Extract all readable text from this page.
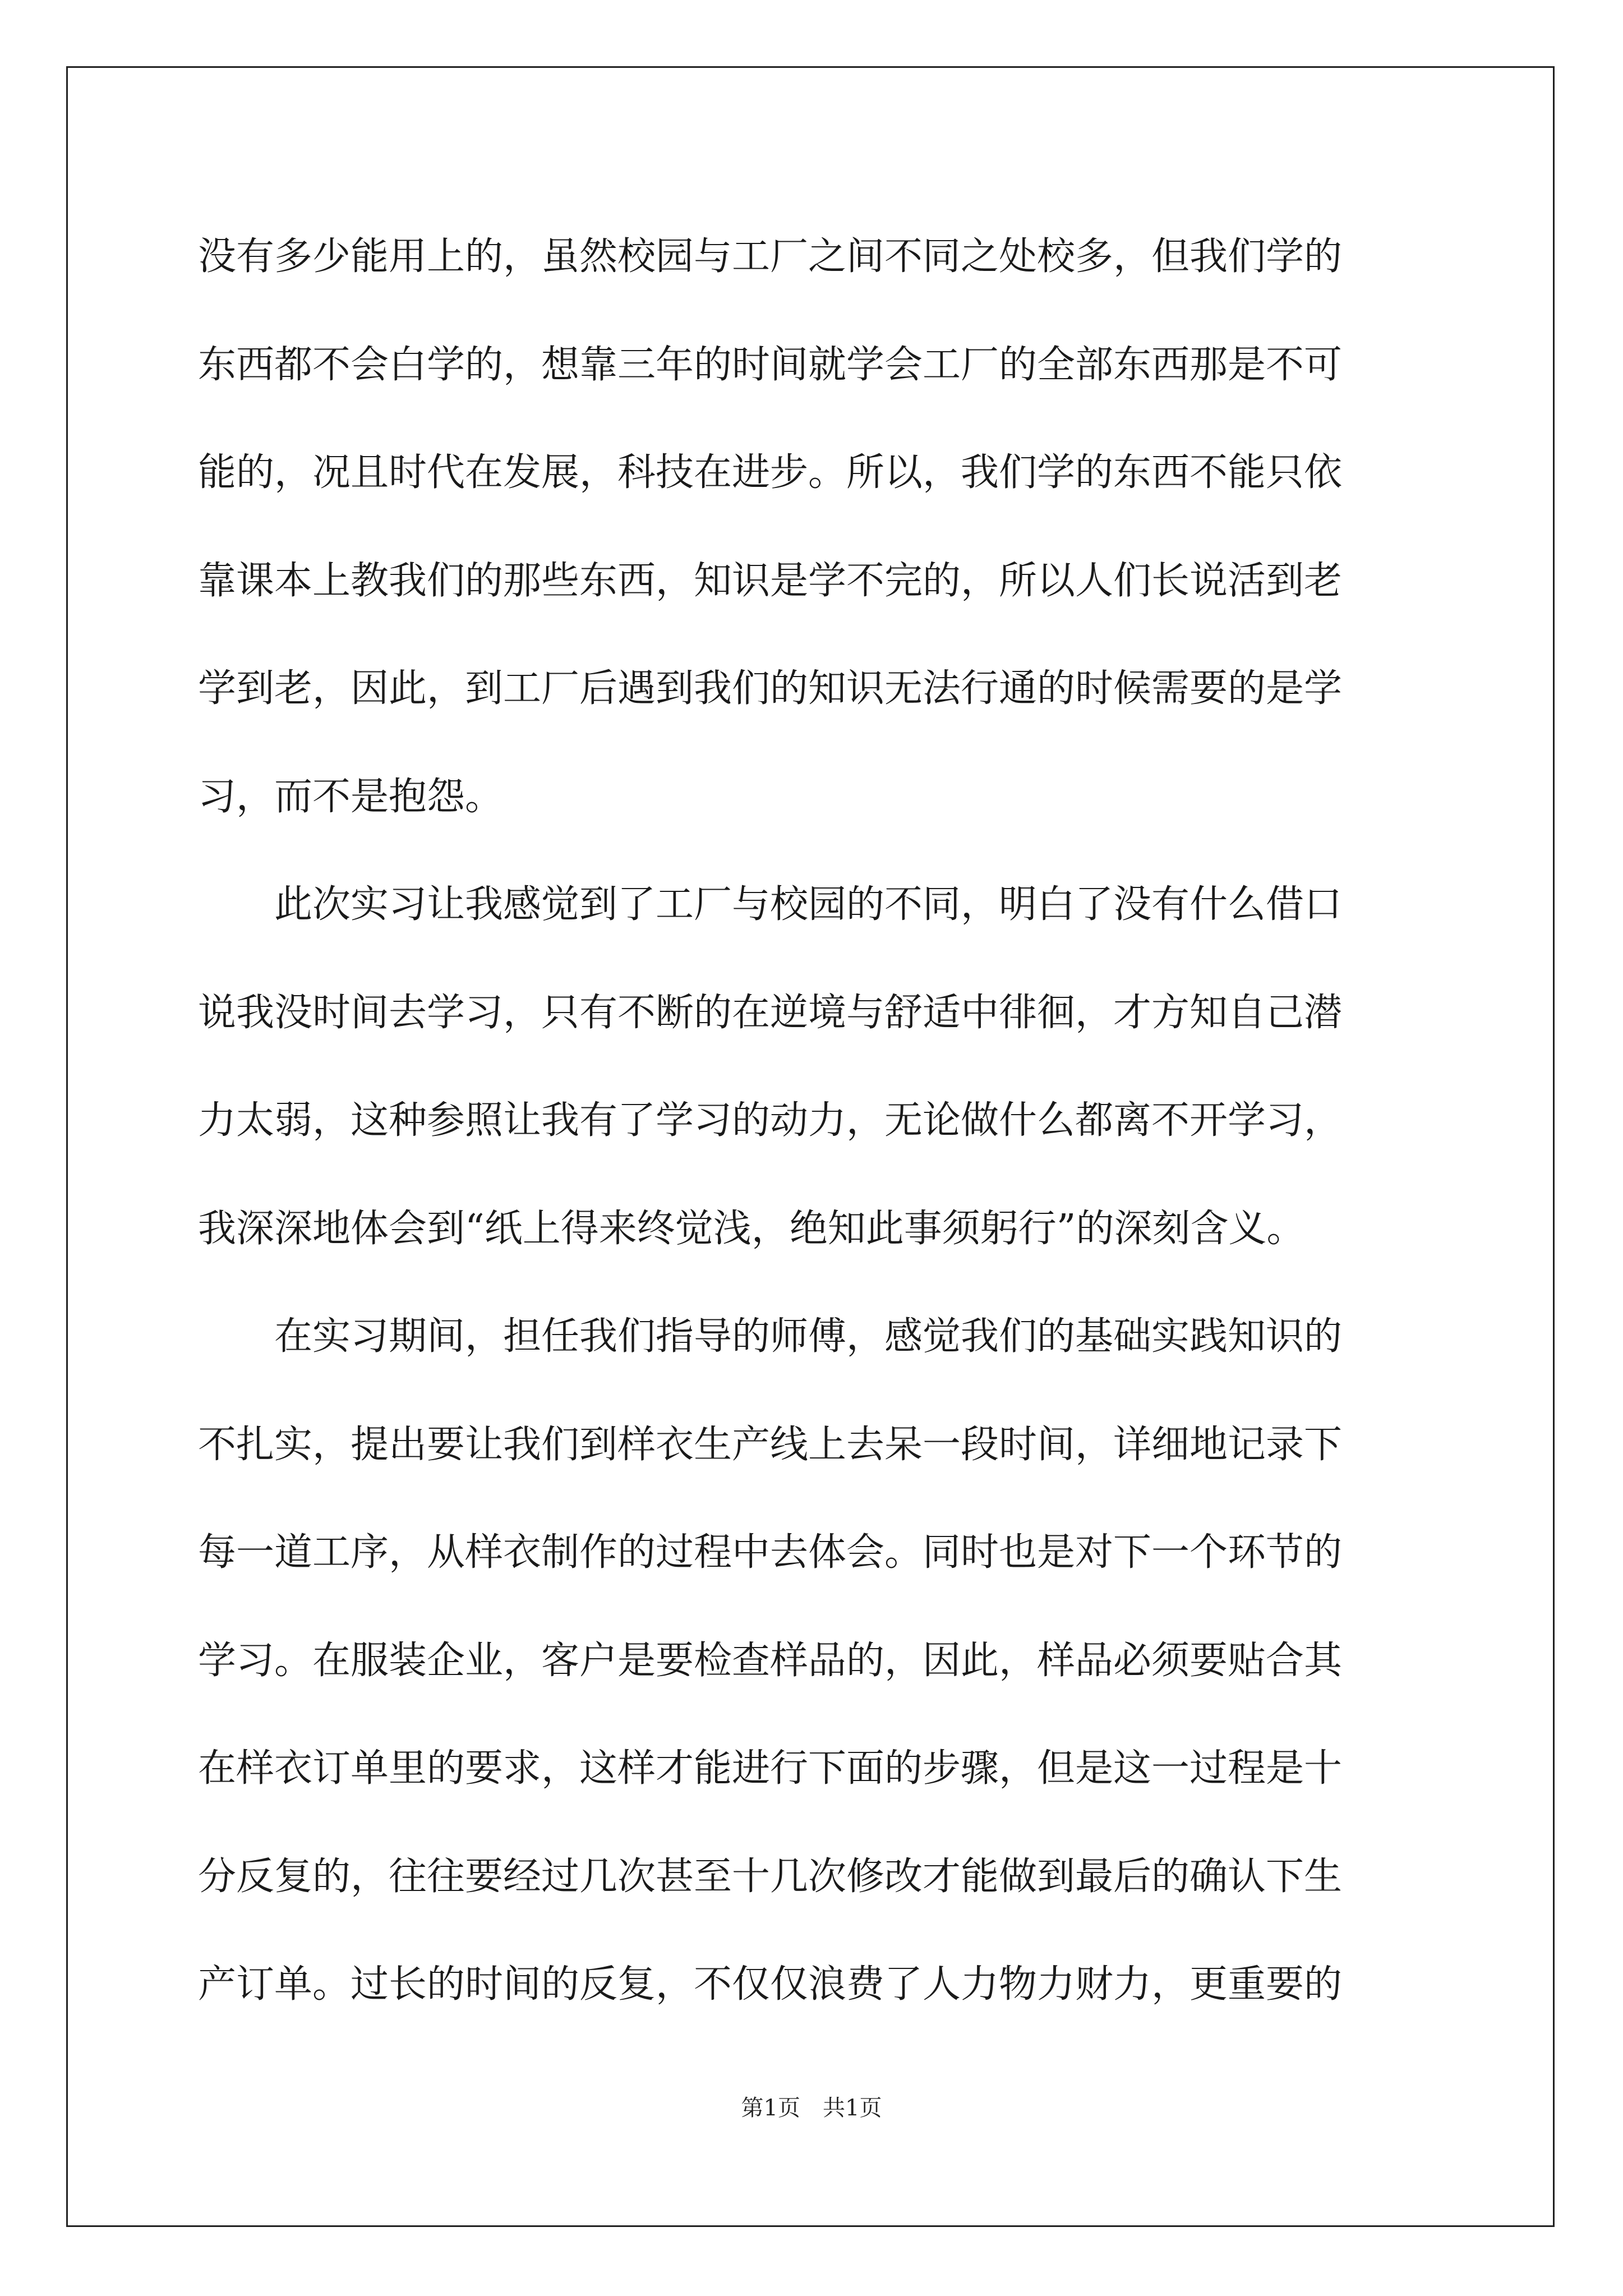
没有多少能用上的，虽然校园与工厂之间不同之处校多，但我们学的
东西都不会白学的，想靠三年的时间就学会工厂的全部东西那是不可
能的，况且时代在发展，科技在进步。所以，我们学的东西不能只依
靠课本上教我们的那些东西，知识是学不完的，所以人们长说活到老
学到老，因此，到工厂后遇到我们的知识无法行通的时候需要的是学
习，而不是抱怨。
　　此次实习让我感觉到了工厂与校园的不同，明白了没有什么借口
说我没时间去学习，只有不断的在逆境与舒适中徘徊，才方知自己潜
力太弱，这种参照让我有了学习的动力，无论做什么都离不开学习，
我深深地体会到“纸上得来终觉浅，绝知此事须躬行”的深刻含义。
　　在实习期间，担任我们指导的师傅，感觉我们的基础实践知识的
不扎实，提出要让我们到样衣生产线上去呆一段时间，详细地记录下
每一道工序，从样衣制作的过程中去体会。同时也是对下一个环节的
学习。在服装企业，客户是要检查样品的，因此，样品必须要贴合其
在样衣订单里的要求，这样才能进行下面的步骤，但是这一过程是十
分反复的，往往要经过几次甚至十几次修改才能做到最后的确认下生
产订单。过长的时间的反复，不仅仅浪费了人力物力财力，更重要的
第1页　共1页
